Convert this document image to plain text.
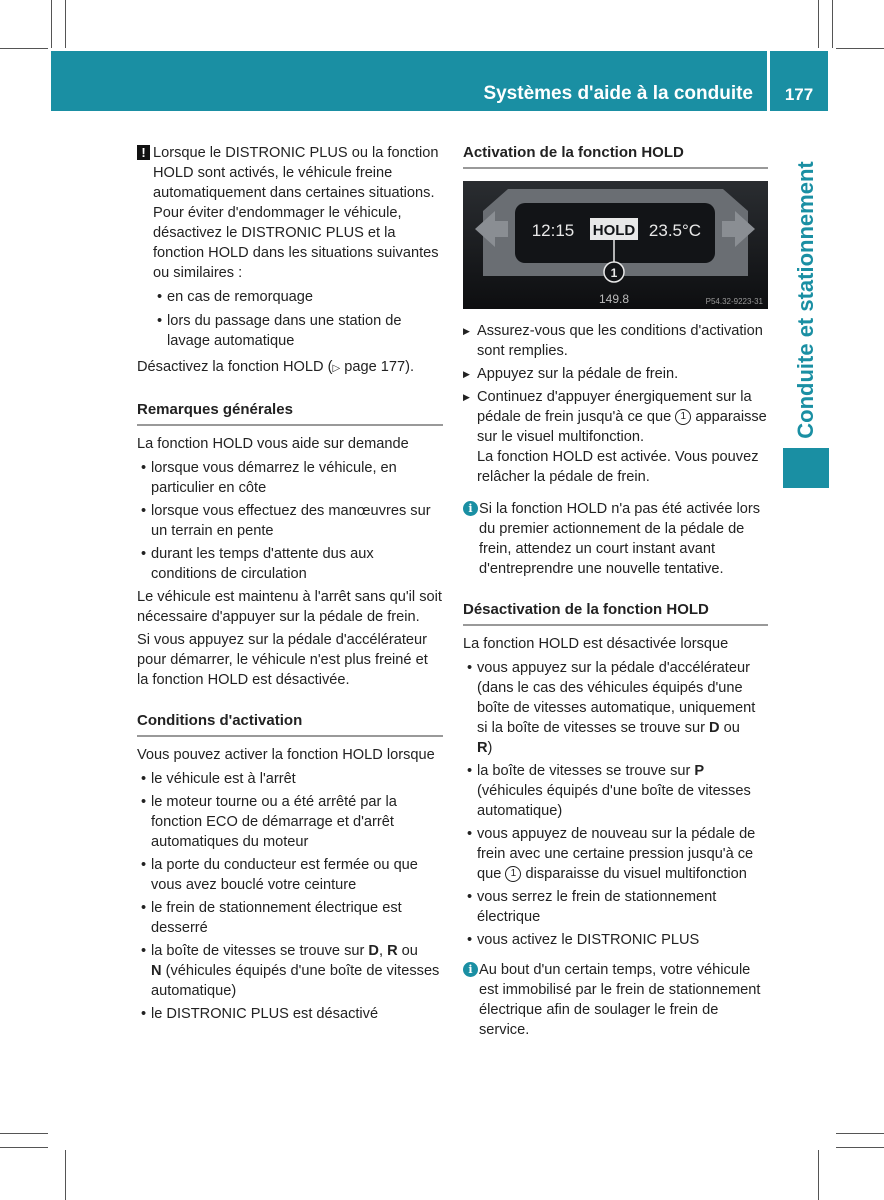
Systèmes d'aide à la conduite	177
Conduite et stationnement
! Lorsque le DISTRONIC PLUS ou la fonction HOLD sont activés, le véhicule freine automatiquement dans certaines situations. Pour éviter d'endommager le véhicule, désactivez le DISTRONIC PLUS et la fonction HOLD dans les situations suivantes ou similaires :

• en cas de remorquage
• lors du passage dans une station de lavage automatique

Désactivez la fonction HOLD (▷ page 177).

Remarques générales

La fonction HOLD vous aide sur demande

• lorsque vous démarrez le véhicule, en particulier en côte
• lorsque vous effectuez des manœuvres sur un terrain en pente
• durant les temps d'attente dus aux conditions de circulation

Le véhicule est maintenu à l'arrêt sans qu'il soit nécessaire d'appuyer sur la pédale de frein.

Si vous appuyez sur la pédale d'accélérateur pour démarrer, le véhicule n'est plus freiné et la fonction HOLD est désactivée.

Conditions d'activation

Vous pouvez activer la fonction HOLD lorsque

• le véhicule est à l'arrêt
• le moteur tourne ou a été arrêté par la fonction ECO de démarrage et d'arrêt automatiques du moteur
• la porte du conducteur est fermée ou que vous avez bouclé votre ceinture
• le frein de stationnement électrique est desserré
• la boîte de vitesses se trouve sur D, R ou
N (véhicules équipés d'une boîte de vitesses automatique)
• le DISTRONIC PLUS est désactivé
Activation de la fonction HOLD
12:15 HOLD 23.5°C
1
149.8	P54.32-9223-31

▶ Assurez-vous que les conditions d'activation sont remplies.

▶ Appuyez sur la pédale de frein.

▶ Continuez d'appuyer énergiquement sur la pédale de frein jusqu'à ce que 1 apparaisse sur le visuel multifonction.
La fonction HOLD est activée. Vous pouvez relâcher la pédale de frein.

i Si la fonction HOLD n'a pas été activée lors du premier actionnement de la pédale de frein, attendez un court instant avant d'entreprendre une nouvelle tentative.

Désactivation de la fonction HOLD

La fonction HOLD est désactivée lorsque

• vous appuyez sur la pédale d'accélérateur (dans le cas des véhicules équipés d'une boîte de vitesses automatique, uniquement si la boîte de vitesses se trouve sur D ou
R)
• la boîte de vitesses se trouve sur P (véhicules équipés d'une boîte de vitesses automatique)
• vous appuyez de nouveau sur la pédale de frein avec une certaine pression jusqu'à ce que 1 disparaisse du visuel multifonction
• vous serrez le frein de stationnement électrique
• vous activez le DISTRONIC PLUS
i Au bout d'un certain temps, votre véhicule est immobilisé par le frein de stationnement électrique afin de soulager le frein de service.
